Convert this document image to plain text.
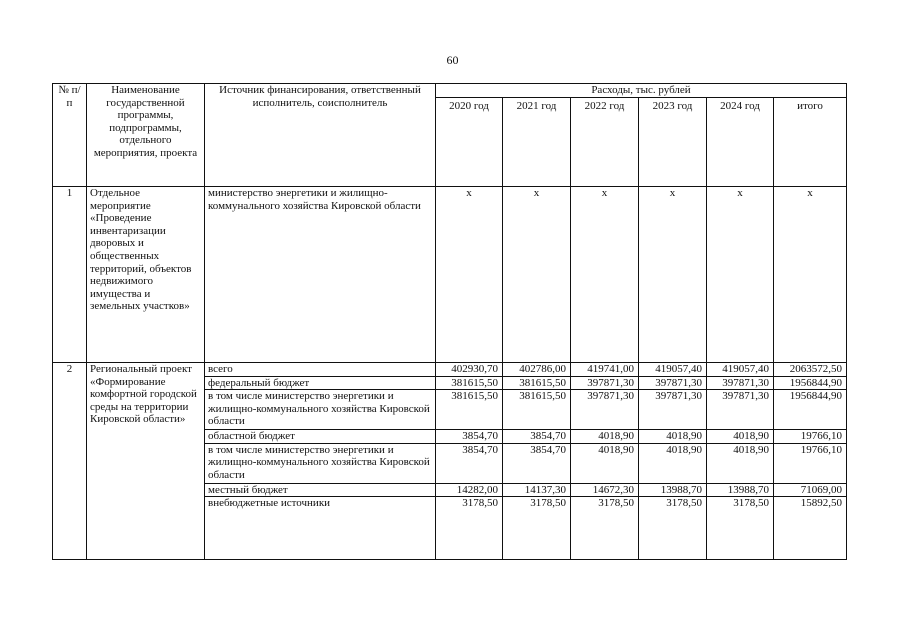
60
№ п/п	Наименование государственной программы, подпрограммы, отдельного мероприятия, проекта	Источник финансирования, ответственный исполнитель, соисполнитель	Расходы, тыс. рублей					
			2020 год	2021 год	2022 год	2023 год	2024 год	итого
1	Отдельное мероприятие «Проведение инвентаризации дворовых и общественных территорий, объектов недвижимого имущества и земельных участков»	министерство энергетики и жилищно-коммунального хозяйства Кировской области	х	х	х	х	х	х
2	Региональный проект «Формирование комфортной городской среды на территории Кировской области»	всего	402930,70	402786,00	419741,00	419057,40	419057,40	2063572,50
		федеральный бюджет	381615,50	381615,50	397871,30	397871,30	397871,30	1956844,90
		в том числе министерство энергетики и жилищно-коммунального хозяйства Кировской области	381615,50	381615,50	397871,30	397871,30	397871,30	1956844,90
		областной бюджет	3854,70	3854,70	4018,90	4018,90	4018,90	19766,10
		в том числе министерство энергетики и жилищно-коммунального хозяйства Кировской области	3854,70	3854,70	4018,90	4018,90	4018,90	19766,10
		местный бюджет	14282,00	14137,30	14672,30	13988,70	13988,70	71069,00
		внебюджетные источники	3178,50	3178,50	3178,50	3178,50	3178,50	15892,50
